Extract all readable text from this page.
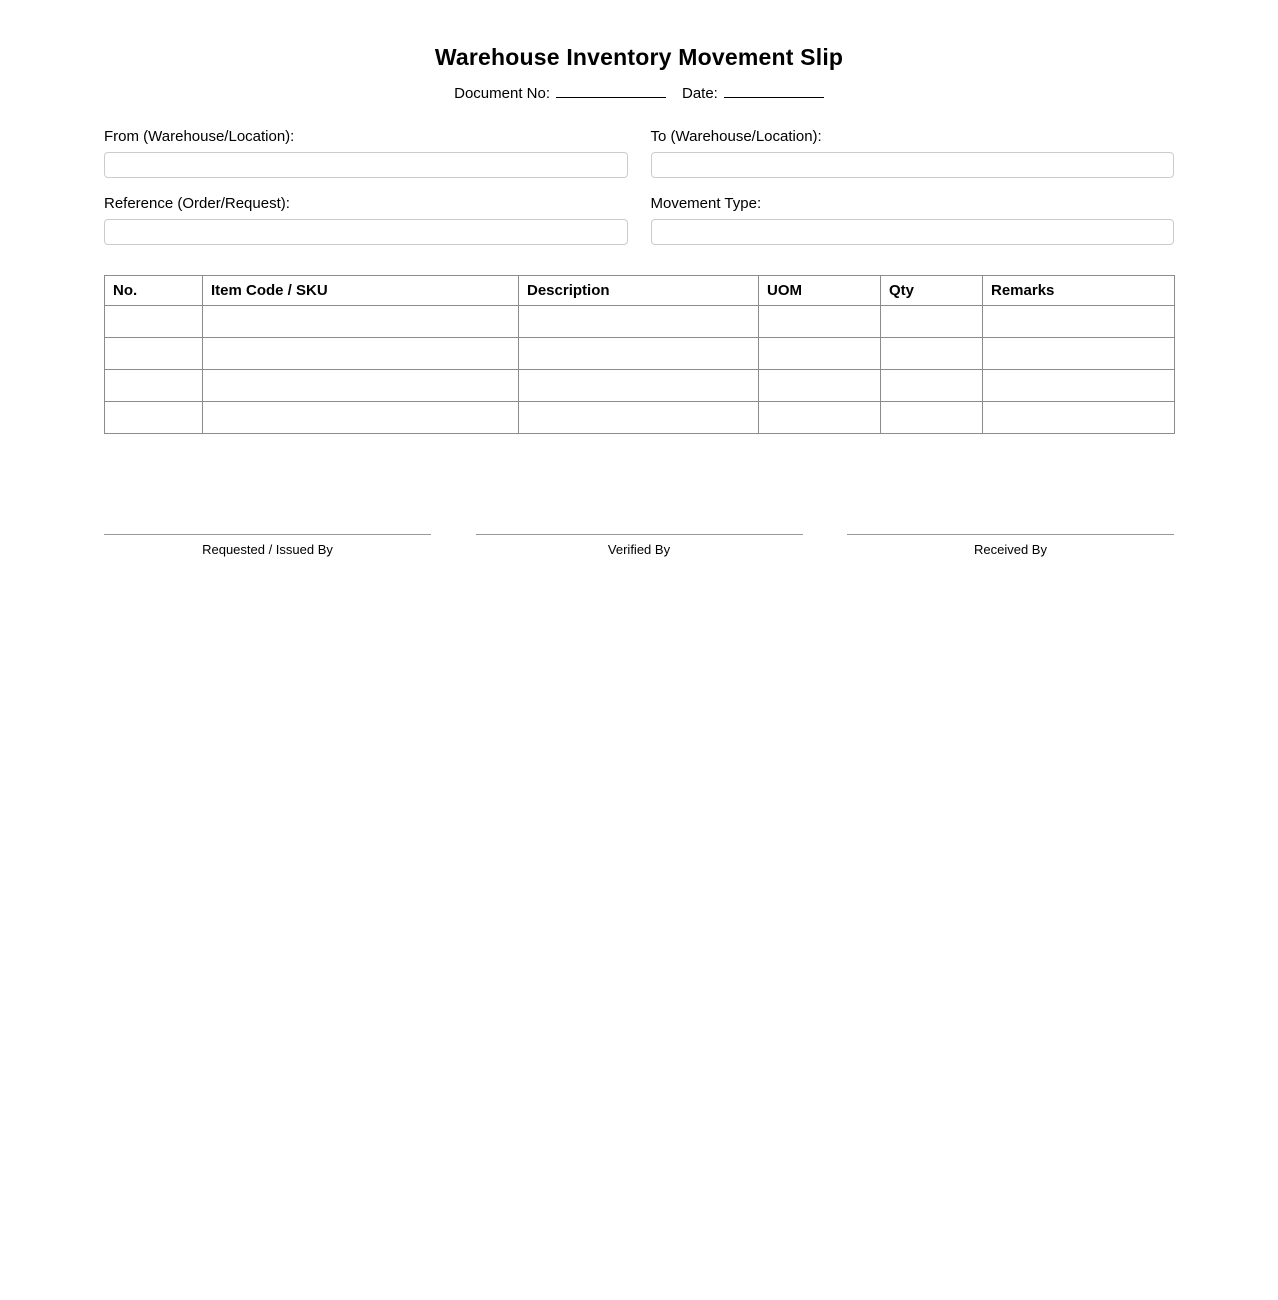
Warehouse Inventory Movement Slip
Document No:	Date:
From (Warehouse/Location):	To (Warehouse/Location):
Reference (Order/Request):	Movement Type:
No.	Item Code / SKU	Description	UOM	Qty	Remarks

Requested / Issued By	Verified By	Received By
